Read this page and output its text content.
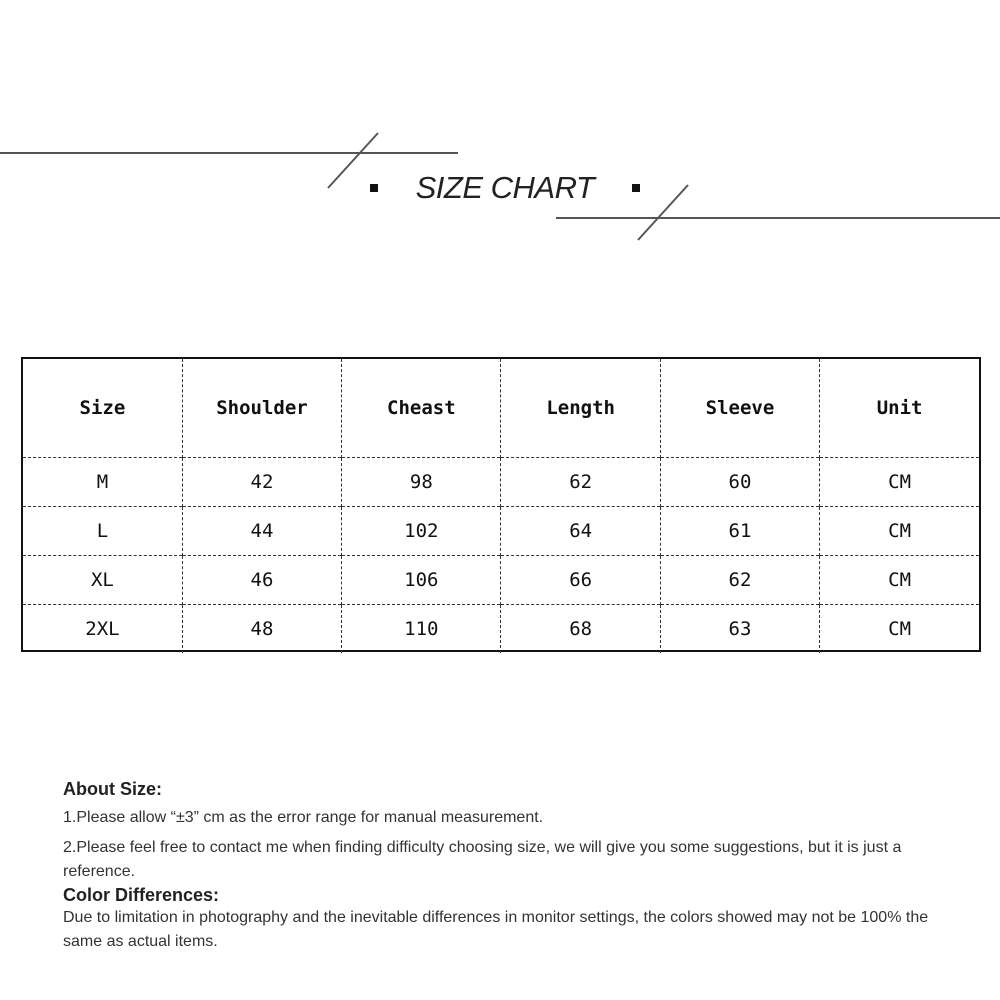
SIZE CHART
Size	Shoulder	Cheast	Length	Sleeve	Unit
M	42	98	62	60	CM
L	44	102	64	61	CM
XL	46	106	66	62	CM
2XL	48	110	68	63	CM
About Size:

1.Please allow “±3” cm as the error range for manual measurement.

2.Please feel free to contact me when finding difficulty choosing size, we will give you some suggestions, but it is just a reference.

Color Differences:

Due to limitation in photography and the inevitable differences in monitor settings, the colors showed may not be 100% the same as actual items.
